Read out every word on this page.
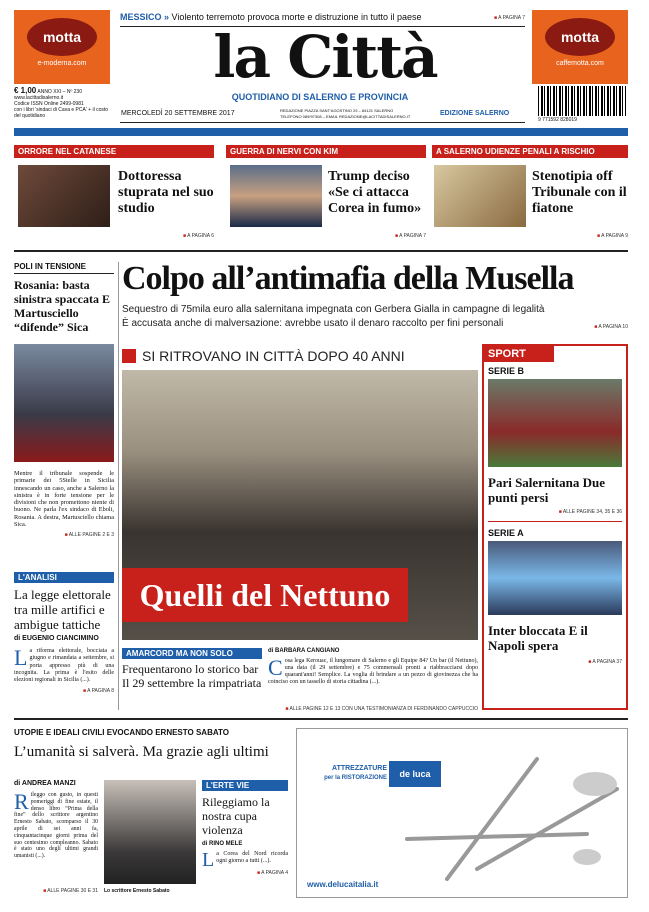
motta
e-moderna.com
€ 1,00 ANNO XXI – Nº 230
www.lacittadisalerno.it
Codice ISSN Online 2499-0981
con i libri 'sindaci di Cava e PCA' + il costo del quotidiano
MESSICO » Violento terremoto provoca morte e distruzione in tutto il paese	■ A PAGINA 7
la Città
QUOTIDIANO DI SALERNO E PROVINCIA
MERCOLEDÌ 20 SETTEMBRE 2017	REDAZIONE PIAZZA SANT'AGOSTINO 29 – 84121 SALERNO
TELEFONO 089/97308 – EMAIL REDAZIONE@LACITTADISALERNO.IT	EDIZIONE SALERNO
motta
caffemotta.com
9 771592 828019
ORRORE NEL CATANESE
Dottoressa stuprata nel suo studio
■ A PAGINA 6
GUERRA DI NERVI CON KIM
Trump deciso «Se ci attacca Corea in fumo»
■ A PAGINA 7
A SALERNO UDIENZE PENALI A RISCHIO
Stenotipia off Tribunale con il fiatone
■ A PAGINA 9
POLI IN TENSIONE
Rosania: basta sinistra spaccata E Martusciello “difende” Sica
Mentre il tribunale sospende le primarie dei 5Stelle in Sicilia innescando un caso, anche a Salerno la sinistra è in forte tensione per le divisioni che non promettono niente di buono. Ne parla l'ex sindaco di Eboli, Rosania. A destra, Martusciello chiama Sica.
■ ALLE PAGINE 2 E 3
L'ANALISI
La legge elettorale tra mille artifici e ambigue tattiche
di EUGENIO CIANCIMINO
La riforma elettorale, bocciata a giugno e rimandata a settembre, si porta appresso più di una incognita. La prima è l'esito delle elezioni regionali in Sicilia (...).
■ A PAGINA 8
Colpo all’antimafia della Musella
Sequestro di 75mila euro alla salernitana impegnata con Gerbera Gialla in campagne di legalità
È accusata anche di malversazione: avrebbe usato il denaro raccolto per fini personali	■ A PAGINA 10
SI RITROVANO IN CITTÀ DOPO 40 ANNI
Quelli del Nettuno
AMARCORD MA NON SOLO
Frequentarono lo storico bar Il 29 settembre la rimpatriata
di BARBARA CANGIANO
Cosa lega Kerouac, il lungomare di Salerno e gli Equipe 84? Un bar (il Nettuno), una data (il 29 settembre) e 75 commensali pronti a riabbracciarsi dopo quarant'anni! Semplice. La voglia di brindare a un pezzo di giovinezza che ha coinciso con un tassello di storia cittadina (...).
■ ALLE PAGINE 12 E 13 CON UNA TESTIMONIANZA DI FERDINANDO CAPPUCCIO
SPORT
SERIE B
Pari Salernitana Due punti persi
■ ALLE PAGINE 34, 35 E 36
SERIE A
Inter bloccata E il Napoli spera
■ A PAGINA 37
UTOPIE E IDEALI CIVILI EVOCANDO ERNESTO SABATO
L’umanità si salverà. Ma grazie agli ultimi
di ANDREA MANZI
Rileggo con gusto, in questi pomeriggi di fine estate, il denso libro “Prima della fine” dello scrittore argentino Ernesto Sabato, scomparso il 30 aprile di sei anni fa, cinquantacinque giorni prima del suo centesimo compleanno. Sabato è stato uno degli ultimi grandi umanisti (...).
Lo scrittore Ernesto Sabato
■ ALLE PAGINE 30 E 31
L'ERTE VIE
Rileggiamo la nostra cupa violenza
di RINO MELE
La Corea del Nord ricorda ogni giorno a tutti (...).
■ A PAGINA 4
ATTREZZATURE
per la RISTORAZIONE	de luca
www.delucaitalia.it
